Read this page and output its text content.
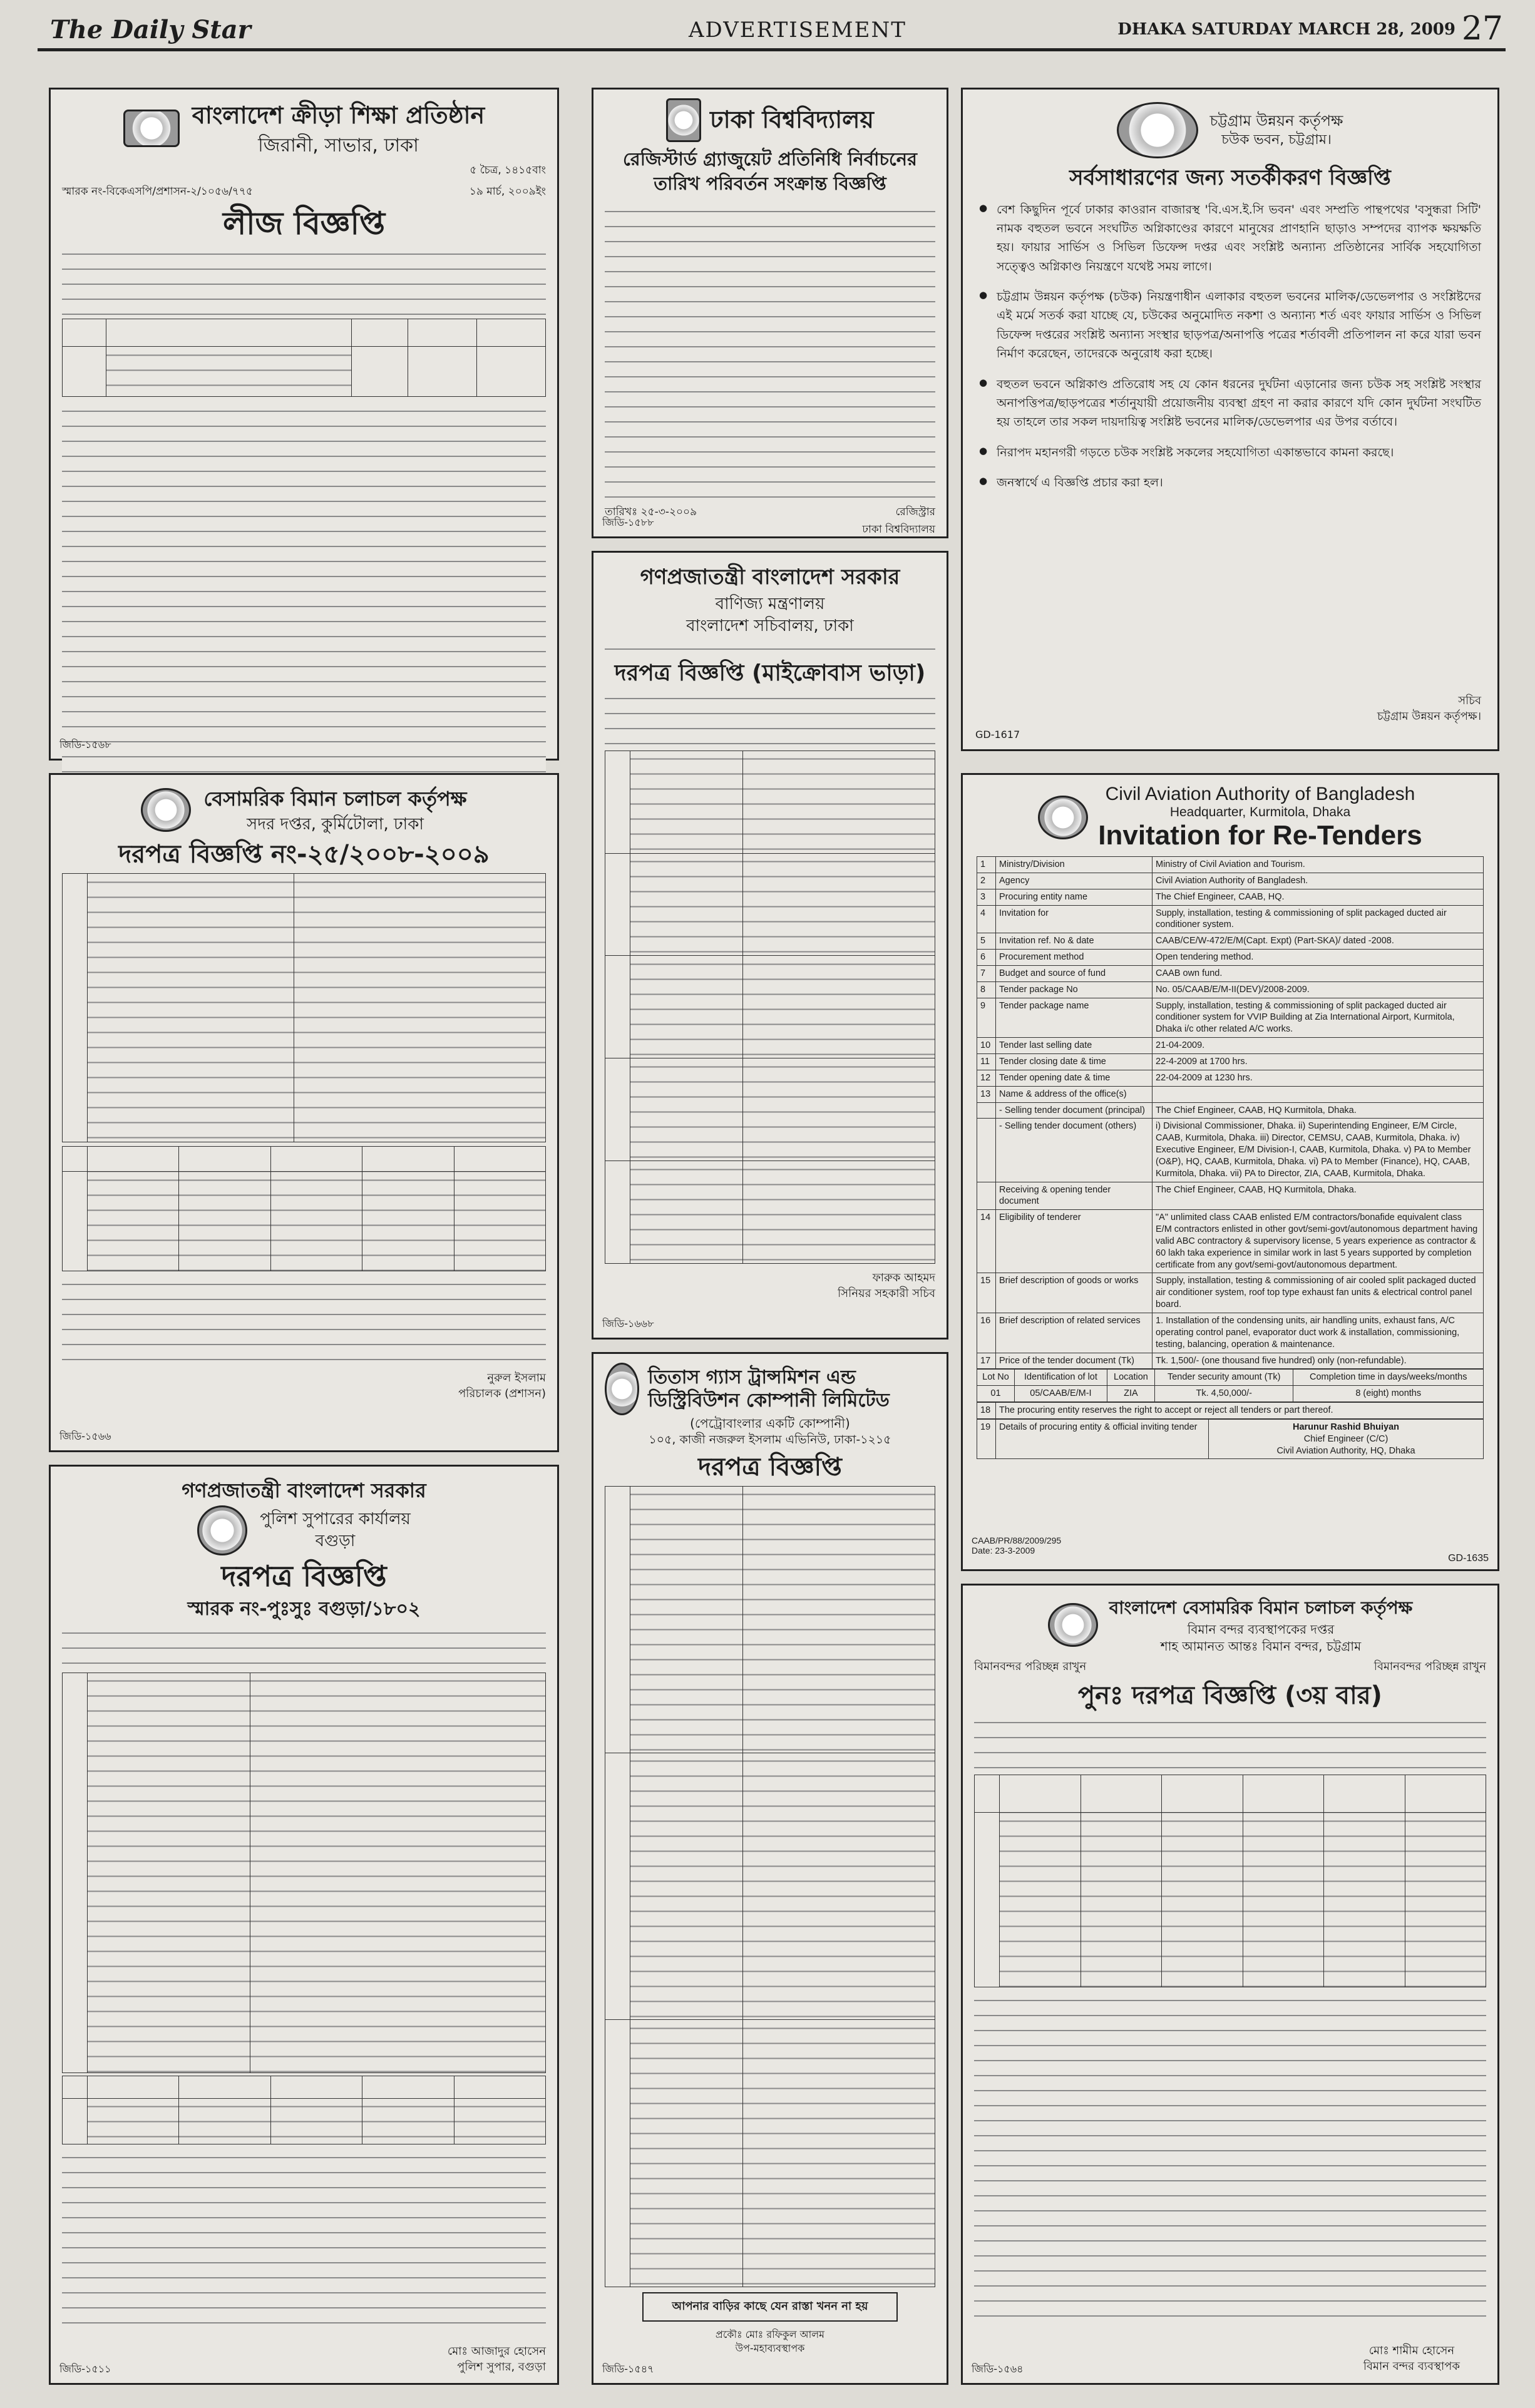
The Daily Star	ADVERTISEMENT	DHAKA SATURDAY MARCH 28, 2009 27
বাংলাদেশ ক্রীড়া শিক্ষা প্রতিষ্ঠান
জিরানী, সাভার, ঢাকা
৫ চৈত্র, ১৪১৫বাং
স্মারক নং-বিকেএসপি/প্রশাসন-২/১০৫৬/৭৭৫	১৯ মার্চ, ২০০৯ইং
লীজ বিজ্ঞপ্তি

জিডি-১৫৬৮
ঢাকা বিশ্ববিদ্যালয়
রেজিস্টার্ড গ্র্যাজুয়েট প্রতিনিধি নির্বাচনের তারিখ পরিবর্তন সংক্রান্ত বিজ্ঞপ্তি
তারিখঃ ২৫-৩-২০০৯	রেজিস্ট্রার
ঢাকা বিশ্ববিদ্যালয়
জিডি-১৫৮৮
চট্টগ্রাম উন্নয়ন কর্তৃপক্ষ
চউক ভবন, চট্টগ্রাম।
সর্বসাধারণের জন্য সতর্কীকরণ বিজ্ঞপ্তি
● বেশ কিছুদিন পূর্বে ঢাকার কাওরান বাজারস্থ 'বি.এস.ই.সি ভবন' এবং সম্প্রতি পান্থপথের 'বসুন্ধরা সিটি' নামক বহুতল ভবনে সংঘটিত অগ্নিকাণ্ডের কারণে মানুষের প্রাণহানি ছাড়াও সম্পদের ব্যাপক ক্ষয়ক্ষতি হয়। ফায়ার সার্ভিস ও সিভিল ডিফেন্স দপ্তর এবং সংশ্লিষ্ট অন্যান্য প্রতিষ্ঠানের সার্বিক সহযোগিতা সত্ত্বেও অগ্নিকাণ্ড নিয়ন্ত্রণে যথেষ্ট সময় লাগে।
● চট্টগ্রাম উন্নয়ন কর্তৃপক্ষ (চউক) নিয়ন্ত্রণাধীন এলাকার বহুতল ভবনের মালিক/ডেভেলপার ও সংশ্লিষ্টদের এই মর্মে সতর্ক করা যাচ্ছে যে, চউকের অনুমোদিত নকশা ও অন্যান্য শর্ত এবং ফায়ার সার্ভিস ও সিভিল ডিফেন্স দপ্তরের সংশ্লিষ্ট অন্যান্য সংস্থার ছাড়পত্র/অনাপত্তি পত্রের শর্তাবলী প্রতিপালন না করে যারা ভবন নির্মাণ করেছেন, তাদেরকে অনুরোধ করা হচ্ছে।
● বহুতল ভবনে অগ্নিকাণ্ড প্রতিরোধ সহ যে কোন ধরনের দুর্ঘটনা এড়ানোর জন্য চউক সহ সংশ্লিষ্ট সংস্থার অনাপত্তিপত্র/ছাড়পত্রের শর্তানুযায়ী প্রয়োজনীয় ব্যবস্থা গ্রহণ না করার কারণে যদি কোন দুর্ঘটনা সংঘটিত হয় তাহলে তার সকল দায়দায়িত্ব সংশ্লিষ্ট ভবনের মালিক/ডেভেলপার এর উপর বর্তাবে।
● নিরাপদ মহানগরী গড়তে চউক সংশ্লিষ্ট সকলের সহযোগিতা একান্তভাবে কামনা করছে।
● জনস্বার্থে এ বিজ্ঞপ্তি প্রচার করা হল।
সচিব
চট্টগ্রাম উন্নয়ন কর্তৃপক্ষ।
GD-1617
গণপ্রজাতন্ত্রী বাংলাদেশ সরকার
বাণিজ্য মন্ত্রণালয়
বাংলাদেশ সচিবালয়, ঢাকা
দরপত্র বিজ্ঞপ্তি (মাইক্রোবাস ভাড়া)

ফারুক আহমদ
সিনিয়র সহকারী সচিব
জিডি-১৬৬৮
বেসামরিক বিমান চলাচল কর্তৃপক্ষ
সদর দপ্তর, কুর্মিটোলা, ঢাকা
দরপত্র বিজ্ঞপ্তি নং-২৫/২০০৮-২০০৯

নুরুল ইসলাম
পরিচালক (প্রশাসন)
জিডি-১৫৬৬
Civil Aviation Authority of Bangladesh
Headquarter, Kurmitola, Dhaka
Invitation for Re-Tenders
1	Ministry/Division	Ministry of Civil Aviation and Tourism.
2	Agency	Civil Aviation Authority of Bangladesh.
3	Procuring entity name	The Chief Engineer, CAAB, HQ.
4	Invitation for	Supply, installation, testing & commissioning of split packaged ducted air conditioner system.
5	Invitation ref. No & date	CAAB/CE/W-472/E/M(Capt. Expt) (Part-SKA)/ dated -2008.
6	Procurement method	Open tendering method.
7	Budget and source of fund	CAAB own fund.
8	Tender package No	No. 05/CAAB/E/M-II(DEV)/2008-2009.
9	Tender package name	Supply, installation, testing & commissioning of split packaged ducted air conditioner system for VVIP Building at Zia International Airport, Kurmitola, Dhaka i/c other related A/C works.
10	Tender last selling date	21-04-2009.
11	Tender closing date & time	22-4-2009 at 1700 hrs.
12	Tender opening date & time	22-04-2009 at 1230 hrs.
13	Name & address of the office(s)	
	- Selling tender document (principal)	The Chief Engineer, CAAB, HQ Kurmitola, Dhaka.
	- Selling tender document (others)	i) Divisional Commissioner, Dhaka. ii) Superintending Engineer, E/M Circle, CAAB, Kurmitola, Dhaka. iii) Director, CEMSU, CAAB, Kurmitola, Dhaka. iv) Executive Engineer, E/M Division-I, CAAB, Kurmitola, Dhaka. v) PA to Member (O&P), HQ, CAAB, Kurmitola, Dhaka. vi) PA to Member (Finance), HQ, CAAB, Kurmitola, Dhaka. vii) PA to Director, ZIA, CAAB, Kurmitola, Dhaka.
	Receiving & opening tender document	The Chief Engineer, CAAB, HQ Kurmitola, Dhaka.
14	Eligibility of tenderer	"A" unlimited class CAAB enlisted E/M contractors/bonafide equivalent class E/M contractors enlisted in other govt/semi-govt/autonomous department having valid ABC contractory & supervisory license, 5 years experience as contractor & 60 lakh taka experience in similar work in last 5 years supported by completion certificate from any govt/semi-govt/autonomous department.
15	Brief description of goods or works	Supply, installation, testing & commissioning of air cooled split packaged ducted air conditioner system, roof top type exhaust fan units & electrical control panel board.
16	Brief description of related services	1. Installation of the condensing units, air handling units, exhaust fans, A/C operating control panel, evaporator duct work & installation, commissioning, testing, balancing, operation & maintenance.
17	Price of the tender document (Tk)	Tk. 1,500/- (one thousand five hundred) only (non-refundable).
Lot No	Identification of lot	Location	Tender security amount (Tk)	Completion time in days/weeks/months
01	05/CAAB/E/M-I	ZIA	Tk. 4,50,000/-	8 (eight) months
18	The procuring entity reserves the right to accept or reject all tenders or part thereof.
19	Details of procuring entity & official inviting tender	Harunur Rashid Bhuiyan
Chief Engineer (C/C)
Civil Aviation Authority, HQ, Dhaka
CAAB/PR/88/2009/295
Date: 23-3-2009
GD-1635
তিতাস গ্যাস ট্রান্সমিশন এন্ড ডিস্ট্রিবিউশন কোম্পানী লিমিটেড
(পেট্রোবাংলার একটি কোম্পানী)
১০৫, কাজী নজরুল ইসলাম এভিনিউ, ঢাকা-১২১৫
দরপত্র বিজ্ঞপ্তি

আপনার বাড়ির কাছে যেন রাস্তা খনন না হয়
প্রকৌঃ মোঃ রফিকুল আলম
উপ-মহাব্যবস্থাপক
জিডি-১৫৪৭
গণপ্রজাতন্ত্রী বাংলাদেশ সরকার
পুলিশ সুপারের কার্যালয়
বগুড়া
দরপত্র বিজ্ঞপ্তি
স্মারক নং-পুঃসুঃ বগুড়া/১৮০২

মোঃ আজাদুর হোসেন
পুলিশ সুপার, বগুড়া
জিডি-১৫১১
বাংলাদেশ বেসামরিক বিমান চলাচল কর্তৃপক্ষ
বিমান বন্দর ব্যবস্থাপকের দপ্তর
শাহ আমানত আন্তঃ বিমান বন্দর, চট্টগ্রাম
বিমানবন্দর পরিচ্ছন্ন রাখুন	বিমানবন্দর পরিচ্ছন্ন রাখুন
পুনঃ দরপত্র বিজ্ঞপ্তি (৩য় বার)

মোঃ শামীম হোসেন
বিমান বন্দর ব্যবস্থাপক
জিডি-১৫৬৪
